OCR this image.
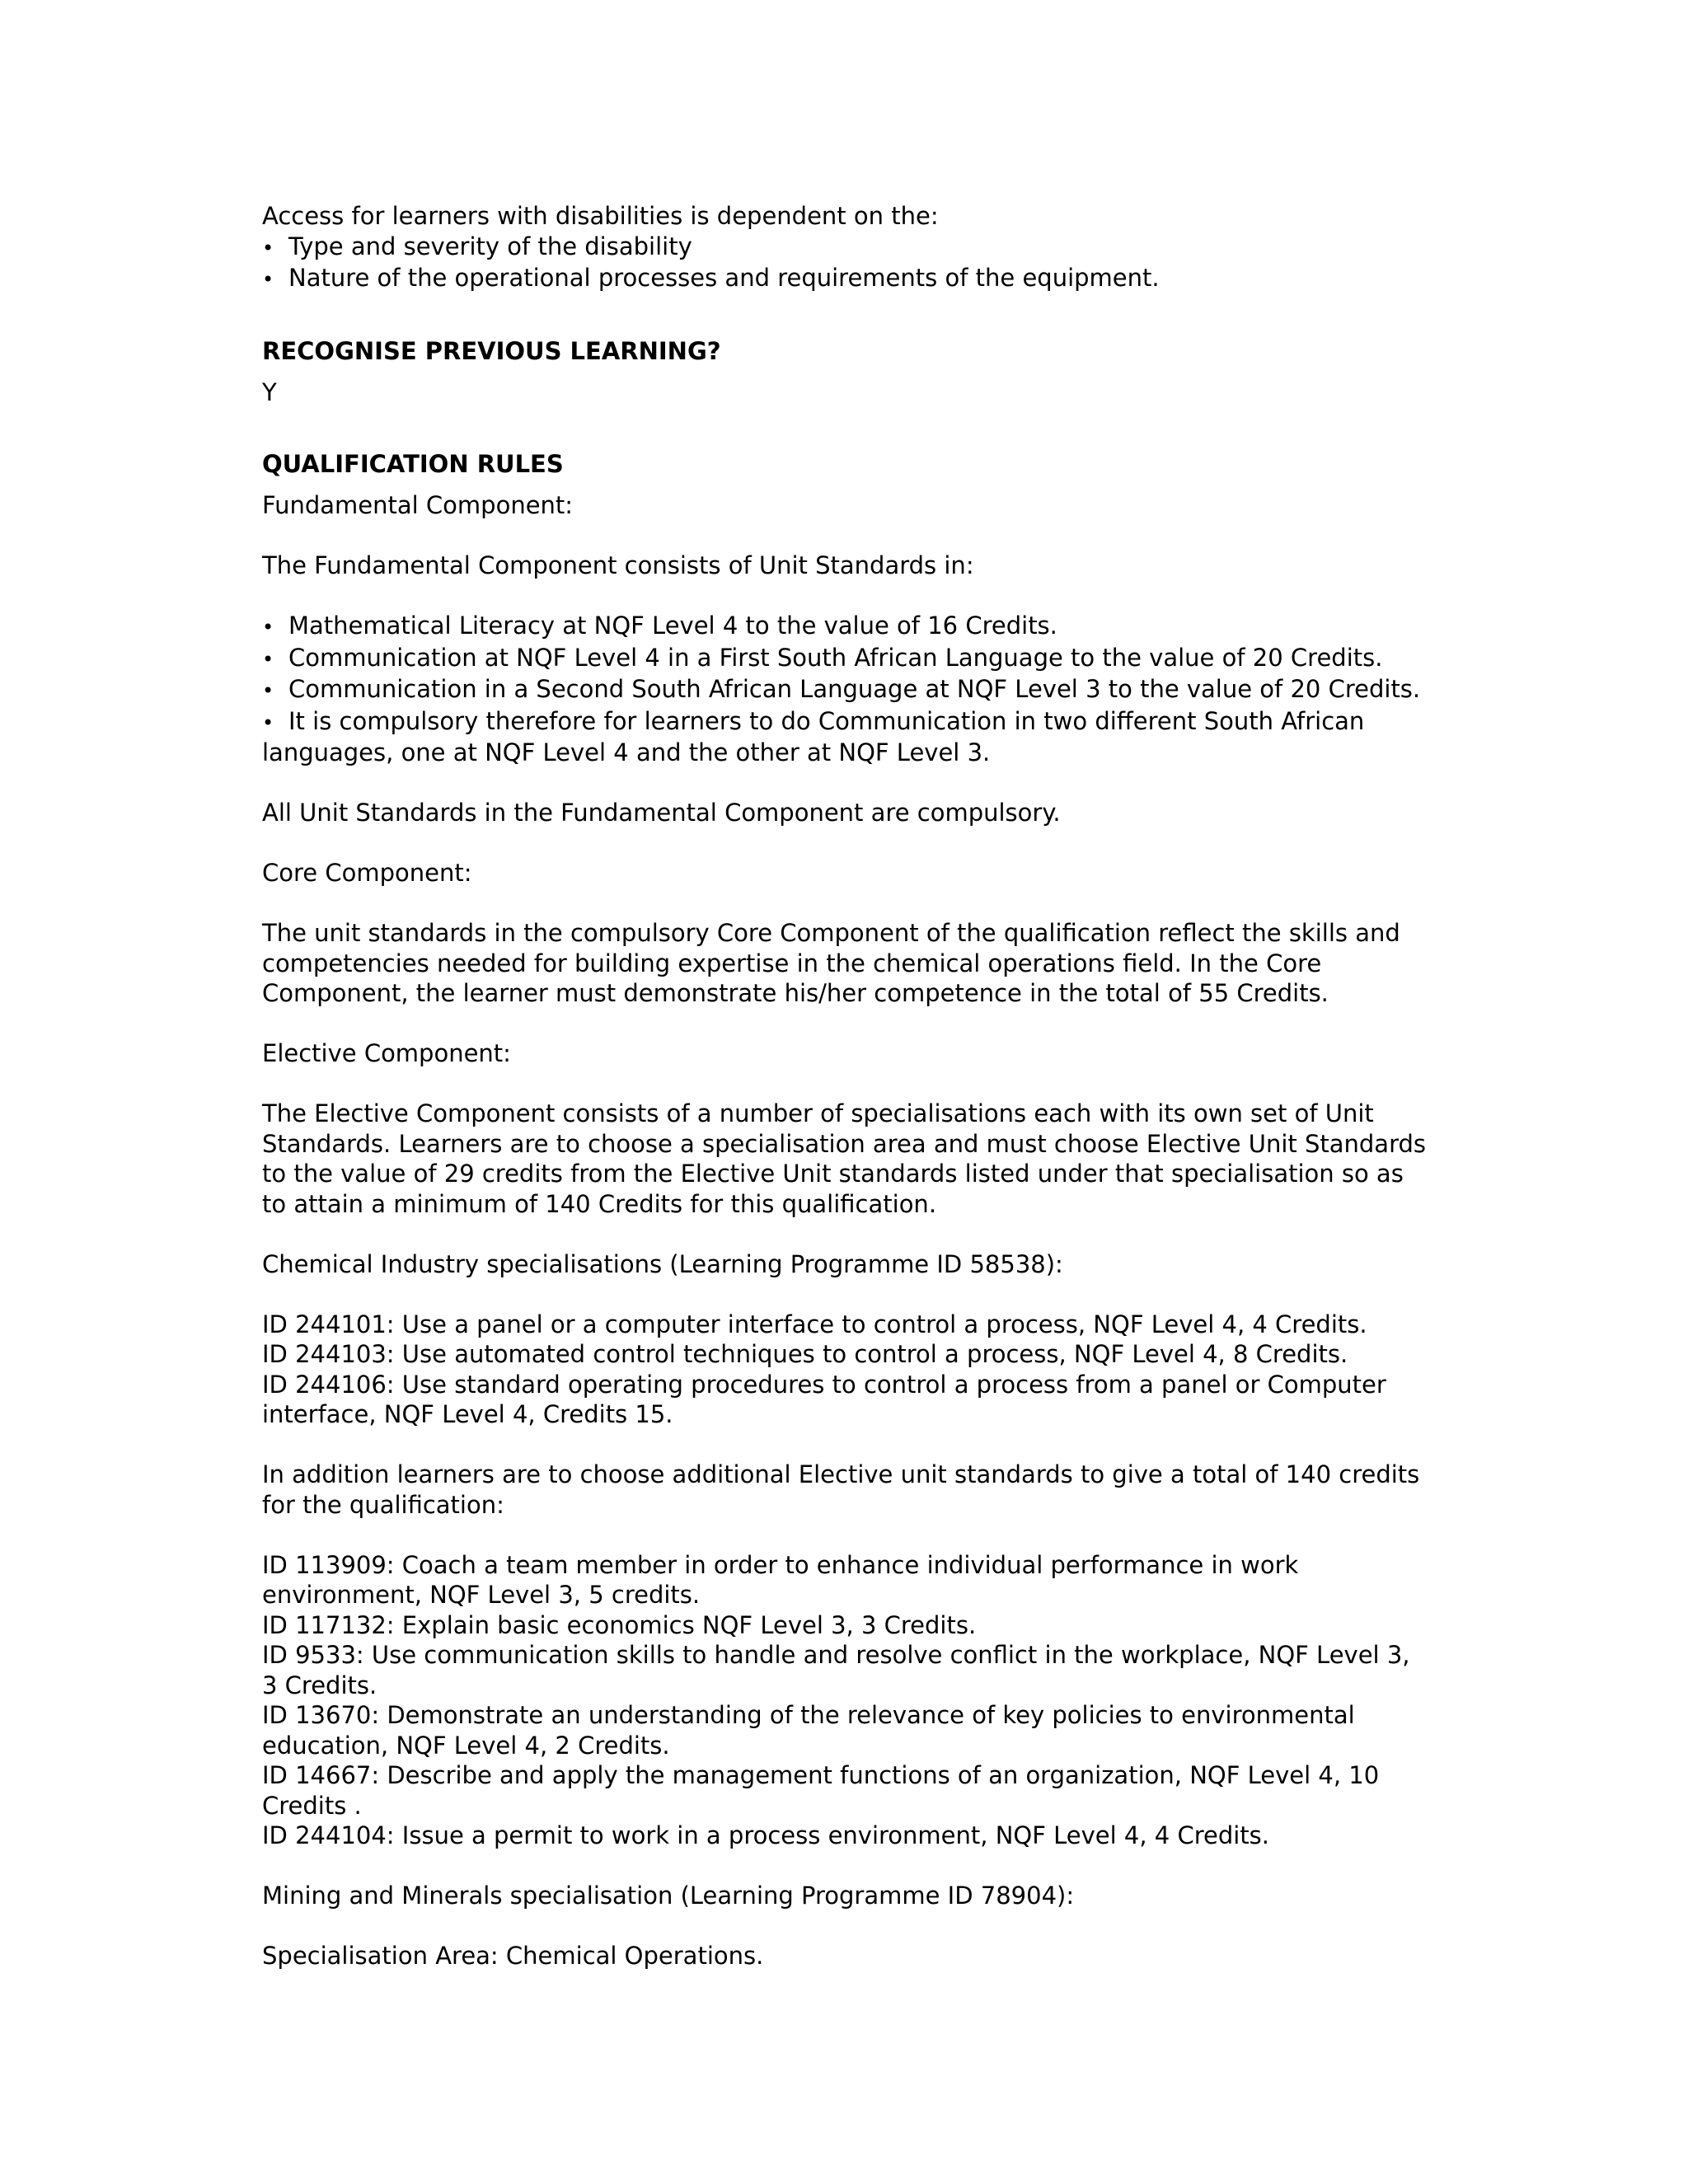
Access for learners with disabilities is dependent on the:

• Type and severity of the disability
• Nature of the operational processes and requirements of the equipment.

RECOGNISE PREVIOUS LEARNING?

Y

QUALIFICATION RULES

Fundamental Component:

The Fundamental Component consists of Unit Standards in:

• Mathematical Literacy at NQF Level 4 to the value of 16 Credits.
• Communication at NQF Level 4 in a First South African Language to the value of 20 Credits.
• Communication in a Second South African Language at NQF Level 3 to the value of 20 Credits.
• It is compulsory therefore for learners to do Communication in two different South African languages, one at NQF Level 4 and the other at NQF Level 3.

All Unit Standards in the Fundamental Component are compulsory.

Core Component:

The unit standards in the compulsory Core Component of the qualification reflect the skills and competencies needed for building expertise in the chemical operations field. In the Core Component, the learner must demonstrate his/her competence in the total of 55 Credits.

Elective Component:

The Elective Component consists of a number of specialisations each with its own set of Unit Standards. Learners are to choose a specialisation area and must choose Elective Unit Standards to the value of 29 credits from the Elective Unit standards listed under that specialisation so as to attain a minimum of 140 Credits for this qualification.

Chemical Industry specialisations (Learning Programme ID 58538):

ID 244101: Use a panel or a computer interface to control a process, NQF Level 4, 4 Credits.

ID 244103: Use automated control techniques to control a process, NQF Level 4, 8 Credits.

ID 244106: Use standard operating procedures to control a process from a panel or Computer interface, NQF Level 4, Credits 15.

In addition learners are to choose additional Elective unit standards to give a total of 140 credits for the qualification:

ID 113909: Coach a team member in order to enhance individual performance in work environment, NQF Level 3, 5 credits.

ID 117132: Explain basic economics NQF Level 3, 3 Credits.

ID 9533: Use communication skills to handle and resolve conflict in the workplace, NQF Level 3, 3 Credits.

ID 13670: Demonstrate an understanding of the relevance of key policies to environmental education, NQF Level 4, 2 Credits.

ID 14667: Describe and apply the management functions of an organization, NQF Level 4, 10 Credits .

ID 244104: Issue a permit to work in a process environment, NQF Level 4, 4 Credits.

Mining and Minerals specialisation (Learning Programme ID 78904):

Specialisation Area: Chemical Operations.
